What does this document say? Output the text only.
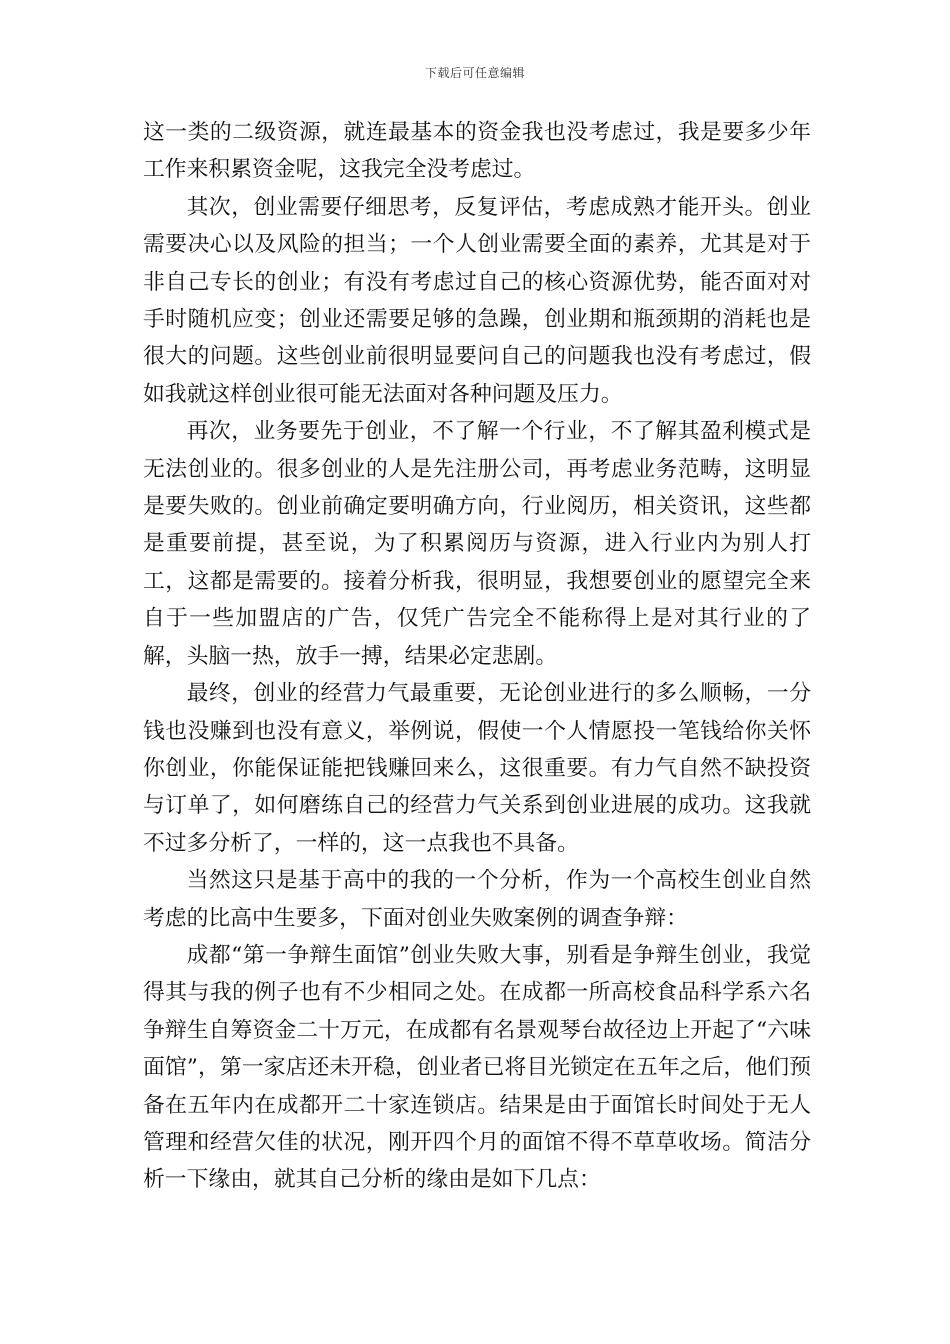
下载后可任意编辑

这一类的二级资源，就连最基本的资金我也没考虑过，我是要多少年工作来积累资金呢，这我完全没考虑过。

其次，创业需要仔细思考，反复评估，考虑成熟才能开头。创业需要决心以及风险的担当；一个人创业需要全面的素养，尤其是对于非自己专长的创业；有没有考虑过自己的核心资源优势，能否面对对手时随机应变；创业还需要足够的急躁，创业期和瓶颈期的消耗也是很大的问题。这些创业前很明显要问自己的问题我也没有考虑过，假如我就这样创业很可能无法面对各种问题及压力。

再次，业务要先于创业，不了解一个行业，不了解其盈利模式是无法创业的。很多创业的人是先注册公司，再考虑业务范畴，这明显是要失败的。创业前确定要明确方向，行业阅历，相关资讯，这些都是重要前提，甚至说，为了积累阅历与资源，进入行业内为别人打工，这都是需要的。接着分析我，很明显，我想要创业的愿望完全来自于一些加盟店的广告，仅凭广告完全不能称得上是对其行业的了解，头脑一热，放手一搏，结果必定悲剧。

最终，创业的经营力气最重要，无论创业进行的多么顺畅，一分钱也没赚到也没有意义，举例说，假使一个人情愿投一笔钱给你关怀你创业，你能保证能把钱赚回来么，这很重要。有力气自然不缺投资与订单了，如何磨练自己的经营力气关系到创业进展的成功。这我就不过多分析了，一样的，这一点我也不具备。

当然这只是基于高中的我的一个分析，作为一个高校生创业自然考虑的比高中生要多，下面对创业失败案例的调查争辩：

成都“第一争辩生面馆”创业失败大事，别看是争辩生创业，我觉得其与我的例子也有不少相同之处。在成都一所高校食品科学系六名争辩生自筹资金二十万元，在成都有名景观琴台故径边上开起了“六味面馆”，第一家店还未开稳，创业者已将目光锁定在五年之后，他们预备在五年内在成都开二十家连锁店。结果是由于面馆长时间处于无人管理和经营欠佳的状况，刚开四个月的面馆不得不草草收场。简洁分析一下缘由，就其自己分析的缘由是如下几点：
